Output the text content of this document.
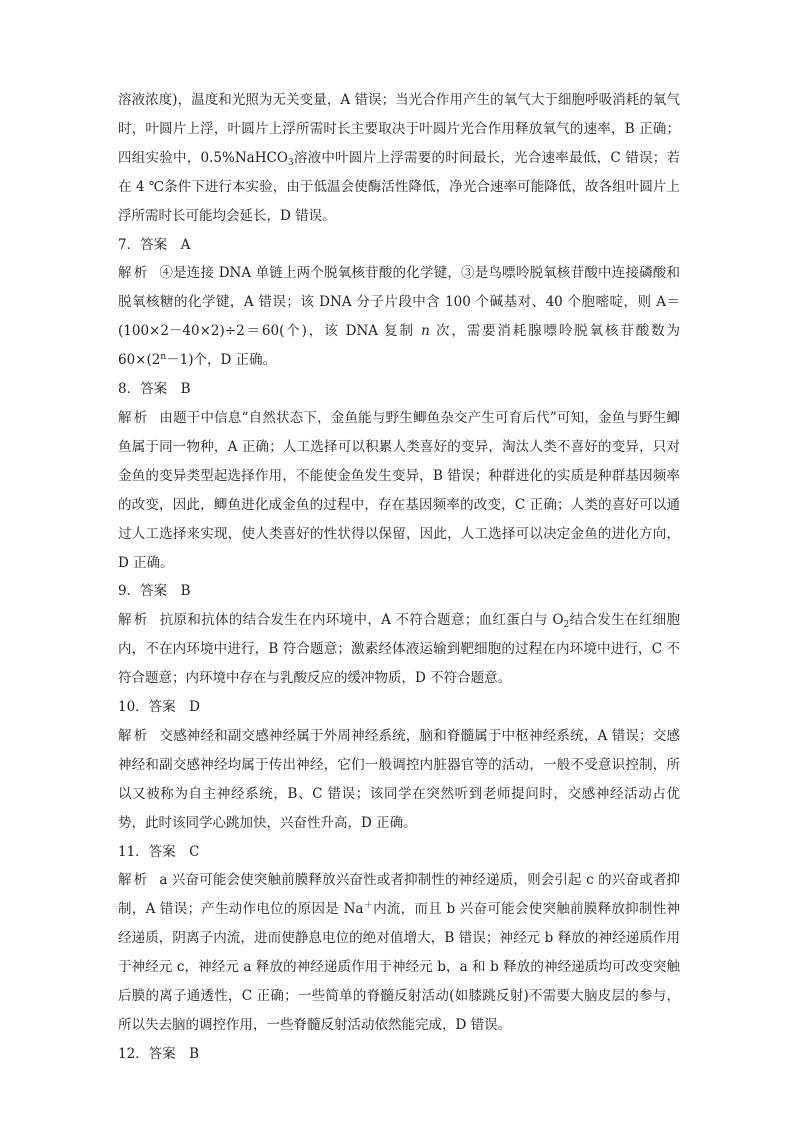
溶液浓度)，温度和光照为无关变量，A 错误；当光合作用产生的氧气大于细胞呼吸消耗的氧气时，叶圆片上浮，叶圆片上浮所需时长主要取决于叶圆片光合作用释放氧气的速率，B 正确；四组实验中，0.5%NaHCO$_3$溶液中叶圆片上浮需要的时间最长，光合速率最低，C 错误；若在 4 ℃条件下进行本实验，由于低温会使酶活性降低，净光合速率可能降低，故各组叶圆片上浮所需时长可能均会延长，D 错误。

7．答案　A

解析 ④是连接 DNA 单链上两个脱氧核苷酸的化学键，③是鸟嘌呤脱氧核苷酸中连接磷酸和脱氧核糖的化学键，A 错误；该 DNA 分子片段中含 100 个碱基对、40 个胞嘧啶，则 A＝(100×2－40×2)÷2＝60(个)，该 DNA 复制 n 次，需要消耗腺嘌呤脱氧核苷酸数为 $60\times(2^n-1)$个，D 正确。

8．答案　B

解析 由题干中信息“自然状态下，金鱼能与野生鲫鱼杂交产生可育后代”可知，金鱼与野生鲫鱼属于同一物种，A 正确；人工选择可以积累人类喜好的变异，淘汰人类不喜好的变异，只对金鱼的变异类型起选择作用，不能使金鱼发生变异，B 错误；种群进化的实质是种群基因频率的改变，因此，鲫鱼进化成金鱼的过程中，存在基因频率的改变，C 正确；人类的喜好可以通过人工选择来实现，使人类喜好的性状得以保留，因此，人工选择可以决定金鱼的进化方向，D 正确。

9．答案　B

解析 抗原和抗体的结合发生在内环境中，A 不符合题意；血红蛋白与 $O_2$结合发生在红细胞内，不在内环境中进行，B 符合题意；激素经体液运输到靶细胞的过程在内环境中进行，C 不符合题意；内环境中存在与乳酸反应的缓冲物质，D 不符合题意。

10．答案　D

解析 交感神经和副交感神经属于外周神经系统，脑和脊髓属于中枢神经系统，A 错误；交感神经和副交感神经均属于传出神经，它们一般调控内脏器官等的活动，一般不受意识控制，所以又被称为自主神经系统，B、C 错误；该同学在突然听到老师提问时，交感神经活动占优势，此时该同学心跳加快，兴奋性升高，D 正确。

11．答案　C

解析 a 兴奋可能会使突触前膜释放兴奋性或者抑制性的神经递质，则会引起 c 的兴奋或者抑制，A 错误；产生动作电位的原因是 Na＋内流，而且 b 兴奋可能会使突触前膜释放抑制性神经递质，阴离子内流，进而使静息电位的绝对值增大，B 错误；神经元 b 释放的神经递质作用于神经元 c，神经元 a 释放的神经递质作用于神经元 b，a 和 b 释放的神经递质均可改变突触后膜的离子通透性，C 正确；一些简单的脊髓反射活动(如膝跳反射)不需要大脑皮层的参与，所以失去脑的调控作用，一些脊髓反射活动依然能完成，D 错误。

12．答案　B
